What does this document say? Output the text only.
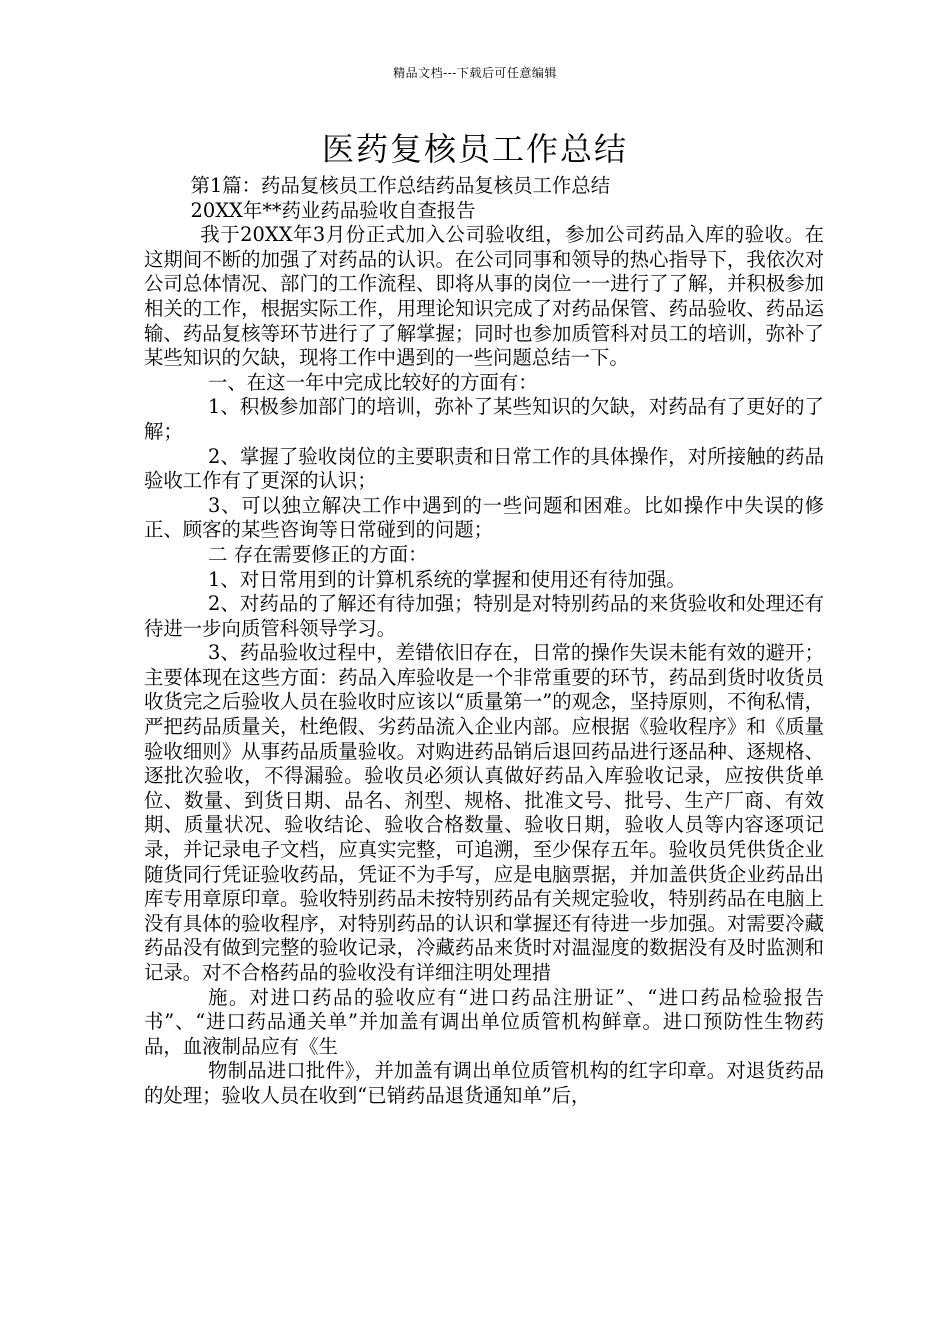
精品文档---下载后可任意编辑
医药复核员工作总结

第1篇：药品复核员工作总结药品复核员工作总结

20XX年**药业药品验收自查报告

我于20XX年3月份正式加入公司验收组，参加公司药品入库的验收。在这期间不断的加强了对药品的认识。在公司同事和领导的热心指导下，我依次对公司总体情况、部门的工作流程、即将从事的岗位一一进行了了解，并积极参加相关的工作，根据实际工作，用理论知识完成了对药品保管、药品验收、药品运输、药品复核等环节进行了了解掌握；同时也参加质管科对员工的培训，弥补了某些知识的欠缺，现将工作中遇到的一些问题总结一下。

一、在这一年中完成比较好的方面有：

1、积极参加部门的培训，弥补了某些知识的欠缺，对药品有了更好的了解；

2、掌握了验收岗位的主要职责和日常工作的具体操作，对所接触的药品验收工作有了更深的认识；

3、可以独立解决工作中遇到的一些问题和困难。比如操作中失误的修正、顾客的某些咨询等日常碰到的问题；

二 存在需要修正的方面：

1、对日常用到的计算机系统的掌握和使用还有待加强。

2、对药品的了解还有待加强；特别是对特别药品的来货验收和处理还有待进一步向质管科领导学习。

3、药品验收过程中，差错依旧存在，日常的操作失误未能有效的避开；主要体现在这些方面：药品入库验收是一个非常重要的环节，药品到货时收货员收货完之后验收人员在验收时应该以“质量第一”的观念，坚持原则，不徇私情，严把药品质量关，杜绝假、劣药品流入企业内部。应根据《验收程序》和《质量验收细则》从事药品质量验收。对购进药品销后退回药品进行逐品种、逐规格、逐批次验收，不得漏验。验收员必须认真做好药品入库验收记录，应按供货单位、数量、到货日期、品名、剂型、规格、批准文号、批号、生产厂商、有效期、质量状况、验收结论、验收合格数量、验收日期，验收人员等内容逐项记录，并记录电子文档，应真实完整，可追溯，至少保存五年。验收员凭供货企业随货同行凭证验收药品，凭证不为手写，应是电脑票据，并加盖供货企业药品出库专用章原印章。验收特别药品未按特别药品有关规定验收，特别药品在电脑上没有具体的验收程序，对特别药品的认识和掌握还有待进一步加强。对需要冷藏药品没有做到完整的验收记录，冷藏药品来货时对温湿度的数据没有及时监测和记录。对不合格药品的验收没有详细注明处理措

施。对进口药品的验收应有“进口药品注册证”、“进口药品检验报告书”、“进口药品通关单”并加盖有调出单位质管机构鲜章。进口预防性生物药品，血液制品应有《生

物制品进口批件》，并加盖有调出单位质管机构的红字印章。对退货药品的处理；验收人员在收到“已销药品退货通知单”后，
